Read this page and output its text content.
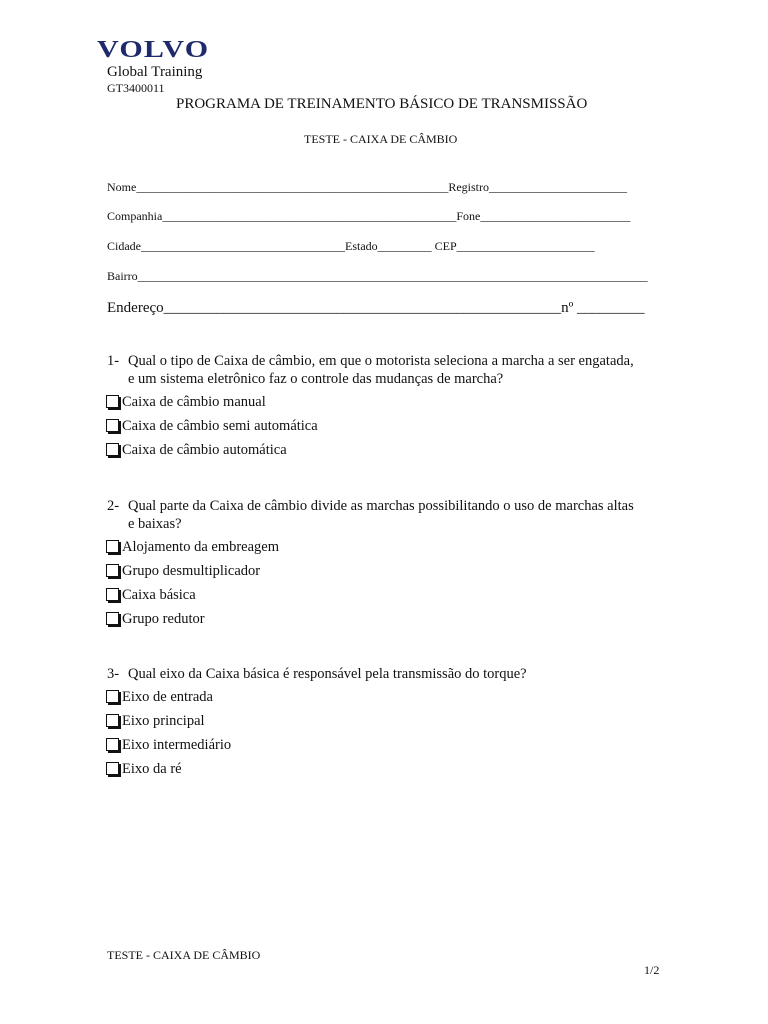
VOLVO
Global Training
GT3400011
PROGRAMA DE TREINAMENTO BÁSICO DE TRANSMISSÃO
TESTE - CAIXA DE CÂMBIO
Nome____________________________________________________Registro_______________________
Companhia_________________________________________________Fone_________________________
Cidade__________________________________Estado_________ CEP_______________________
Bairro_____________________________________________________________________________________
Endereço_____________________________________________________nº _________
1- Qual o tipo de Caixa de câmbio, em que o motorista seleciona a marcha a ser engatada,
e um sistema eletrônico faz o controle das mudanças de marcha?
Caixa de câmbio manual
Caixa de câmbio semi automática
Caixa de câmbio automática
2- Qual parte da Caixa de câmbio divide as marchas possibilitando o uso de marchas altas
e baixas?
Alojamento da embreagem
Grupo desmultiplicador
Caixa básica
Grupo redutor
3- Qual eixo da Caixa básica é responsável pela transmissão do torque?
Eixo de entrada
Eixo principal
Eixo intermediário
Eixo da ré
TESTE - CAIXA DE CÂMBIO
1/2
